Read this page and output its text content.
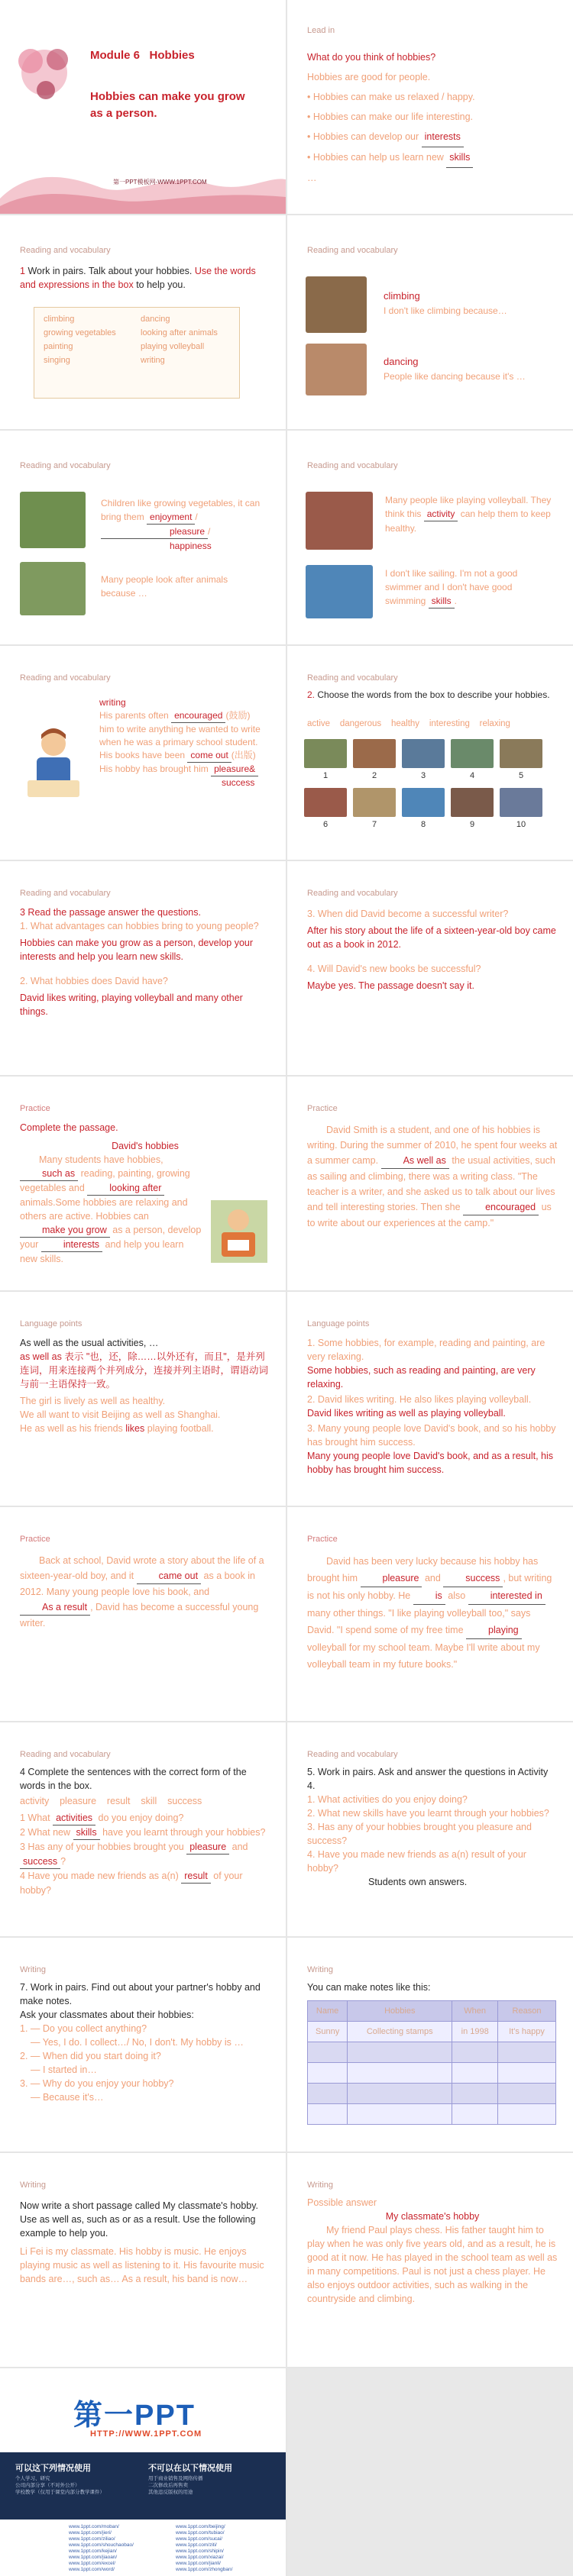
Module 6 Hobbies
Hobbies can make you grow
as a person.
第一PPT模板网-WWW.1PPT.COM
Lead in
What do you think of hobbies?
Hobbies are good for people.
• Hobbies can make us relaxed / happy.
• Hobbies can make our life interesting.
• Hobbies can develop our interests
• Hobbies can help us learn new skills
…
Reading and vocabulary
1 Work in pairs. Talk about your hobbies. Use the words and expressions in the box to help you.
climbing	dancing
growing vegetables	looking after animals
painting	playing volleyball
singing	writing
Reading and vocabulary
climbing
I don't like climbing because…
dancing
People like dancing because it's …
Reading and vocabulary
Children like growing vegetables, it can bring them enjoyment /
pleasure /
happiness
Many people look after animals because …
Reading and vocabulary
Many people like playing volleyball. They think this activity can help them to keep healthy.
I don't like sailing. I'm not a good swimmer and I don't have good swimming skills .
Reading and vocabulary
writing
His parents often encouraged (鼓励)
him to write anything he wanted to write when he was a primary school student.
His books have been come out (出版)
His hobby has brought him pleasure&
success
Reading and vocabulary
2. Choose the words from the box to describe your hobbies.
active    dangerous    healthy    interesting    relaxing
1	2	3	4	5
6	7	8	9	10
Reading and vocabulary
3 Read the passage answer the questions.
1. What advantages can hobbies bring to young people?
Hobbies can make you grow as a person, develop your interests and help you learn new skills.
2. What hobbies does David have?
David likes writing, playing volleyball and many other things.
Reading and vocabulary
3. When did David become a successful writer?
After his story about the life of a sixteen-year-old boy came out as a book in 2012.
4. Will David's new books be successful?
Maybe yes. The passage doesn't say it.
Practice
Complete the passage.
David's hobbies
Many students have hobbies, such as reading, painting, growing vegetables and	looking after animals.Some hobbies are relaxing and others are active. Hobbies can make you grow as a person, develop your	interests and help you learn new skills.
Practice
David Smith is a student, and one of his hobbies is writing. During the summer of 2010, he spent four weeks at a summer camp.	As well as the usual activities, such as sailing and climbing, there was a writing class. "The teacher is a writer, and she asked us to talk about our lives and tell interesting stories. Then she	encouraged us to write about our experiences at the camp."
Language points
As well as the usual activities, …
as well as 表示 "也，还，除……以外还有，而且"，是并列连词，用来连接两个并列成分，连接并列主语时，谓语动词与前一主语保持一致。
The girl is lively as well as healthy.
We all want to visit Beijing as well as Shanghai.
He as well as his friends likes playing football.
Language points
1. Some hobbies, for example, reading and painting, are very relaxing.
Some hobbies, such as reading and painting, are very relaxing.
2. David likes writing. He also likes playing volleyball.
David likes writing as well as playing volleyball.
3. Many young people love David's book, and so his hobby has brought him success.
Many young people love David's book, and as a result, his hobby has brought him success.
Practice
Back at school, David wrote a story about the life of a sixteen-year-old boy, and it	came out as a book in 2012. Many young people love his book, and As a result , David has become a successful young writer.
Practice
David has been very lucky because his hobby has brought him	pleasure and	success , but writing is not his only hobby. He	is also	interested in many other things. "I like playing volleyball too," says David. "I spend some of my free time	playing volleyball for my school team. Maybe I'll write about my volleyball team in my future books."
Reading and vocabulary
4 Complete the sentences with the correct form of the words in the box.
activity    pleasure    result    skill    success
1 What activities do you enjoy doing?
2 What new skills have you learnt through your hobbies?
3 Has any of your hobbies brought you pleasure and success ?
4 Have you made new friends as a(n) result of your hobby?
Reading and vocabulary
5. Work in pairs. Ask and answer the questions in Activity 4.
1. What activities do you enjoy doing?
2. What new skills have you learnt through your hobbies?
3. Has any of your hobbies brought you pleasure and success?
4. Have you made new friends as a(n) result of your hobby?
Students own answers.
Writing
7. Work in pairs. Find out about your partner's hobby and make notes.
Ask your classmates about their hobbies:
1. — Do you collect anything?
— Yes, I do. I collect…/ No, I don't. My hobby is …
2. — When did you start doing it?
— I started in…
3. — Why do you enjoy your hobby?
— Because it's…
Writing
You can make notes like this:
Name	Hobbies	When	Reason
Sunny	Collecting stamps	in 1998	It's happy

Writing
Now write a short passage called My classmate's hobby. Use as well as, such as or as a result. Use the following example to help you.
Li Fei is my classmate. His hobby is music. He enjoys playing music as well as listening to it. His favourite music bands are…, such as… As a result, his band is now…
Writing
Possible answer
My classmate's hobby
My friend Paul plays chess. His father taught him to play when he was only five years old, and as a result, he is good at it now. He has played in the school team as well as in many competitions. Paul is not just a chess player. He also enjoys outdoor activities, such as walking in the countryside and climbing.
第一PPT
HTTP://WWW.1PPT.COM
可以这下列情况使用	不可以在以下情况使用
个人学习、研究
公司内部分享（不对外公开）
学校教学（仅用于课堂内部分教学课件）
用于商业销售及网络传播
二次修改后再售卖
其他违反版权的用途
www.1ppt.com/moban/
www.1ppt.com/jieri/
www.1ppt.com/ziliao/
www.1ppt.com/shouchaobao/
www.1ppt.com/kejian/
www.1ppt.com/jiaoan/
www.1ppt.com/excel/
www.1ppt.com/word/
www.1ppt.com/beijing/
www.1ppt.com/tubiao/
www.1ppt.com/sucai/
www.1ppt.com/ziti/
www.1ppt.com/shipin/
www.1ppt.com/xiazai/
www.1ppt.com/jianli/
www.1ppt.com/zhongban/
